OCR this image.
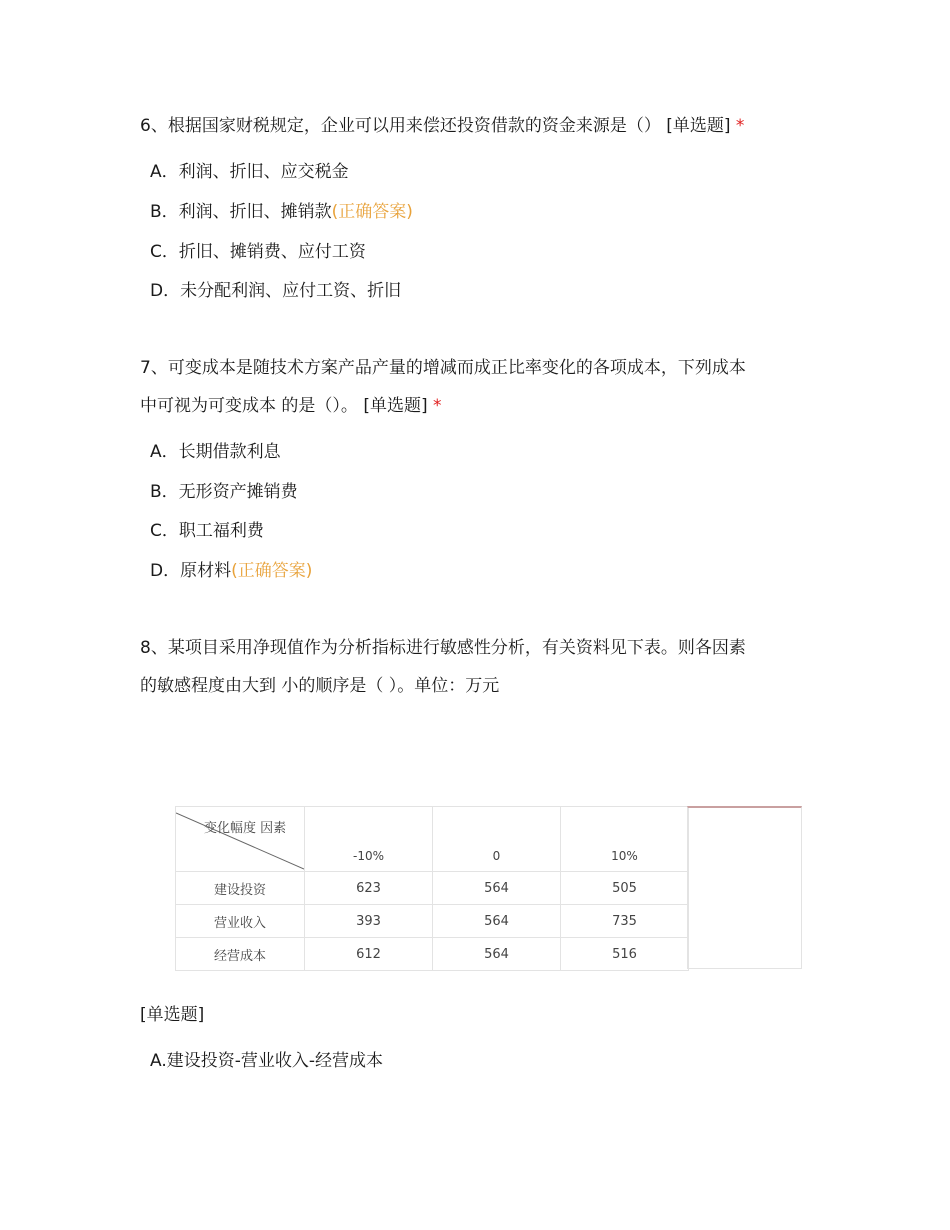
6、根据国家财税规定，企业可以用来偿还投资借款的资金来源是（） [单选题] *
A．利润、折旧、应交税金
B．利润、折旧、摊销款(正确答案)
C．折旧、摊销费、应付工资
D．未分配利润、应付工资、折旧
7、可变成本是随技术方案产品产量的增减而成正比率变化的各项成本，下列成本
中可视为可变成本 的是（）。 [单选题] *
A．长期借款利息
B．无形资产摊销费
C．职工福利费
D．原材料(正确答案)
8、某项目采用净现值作为分析指标进行敏感性分析，有关资料见下表。则各因素
的敏感程度由大到 小的顺序是（ ）。单位：万元
变化幅度 因素	-10%	0	10%
建设投资	623	564	505
营业收入	393	564	735
经营成本	612	564	516
[单选题]
A.建设投资-营业收入-经营成本
